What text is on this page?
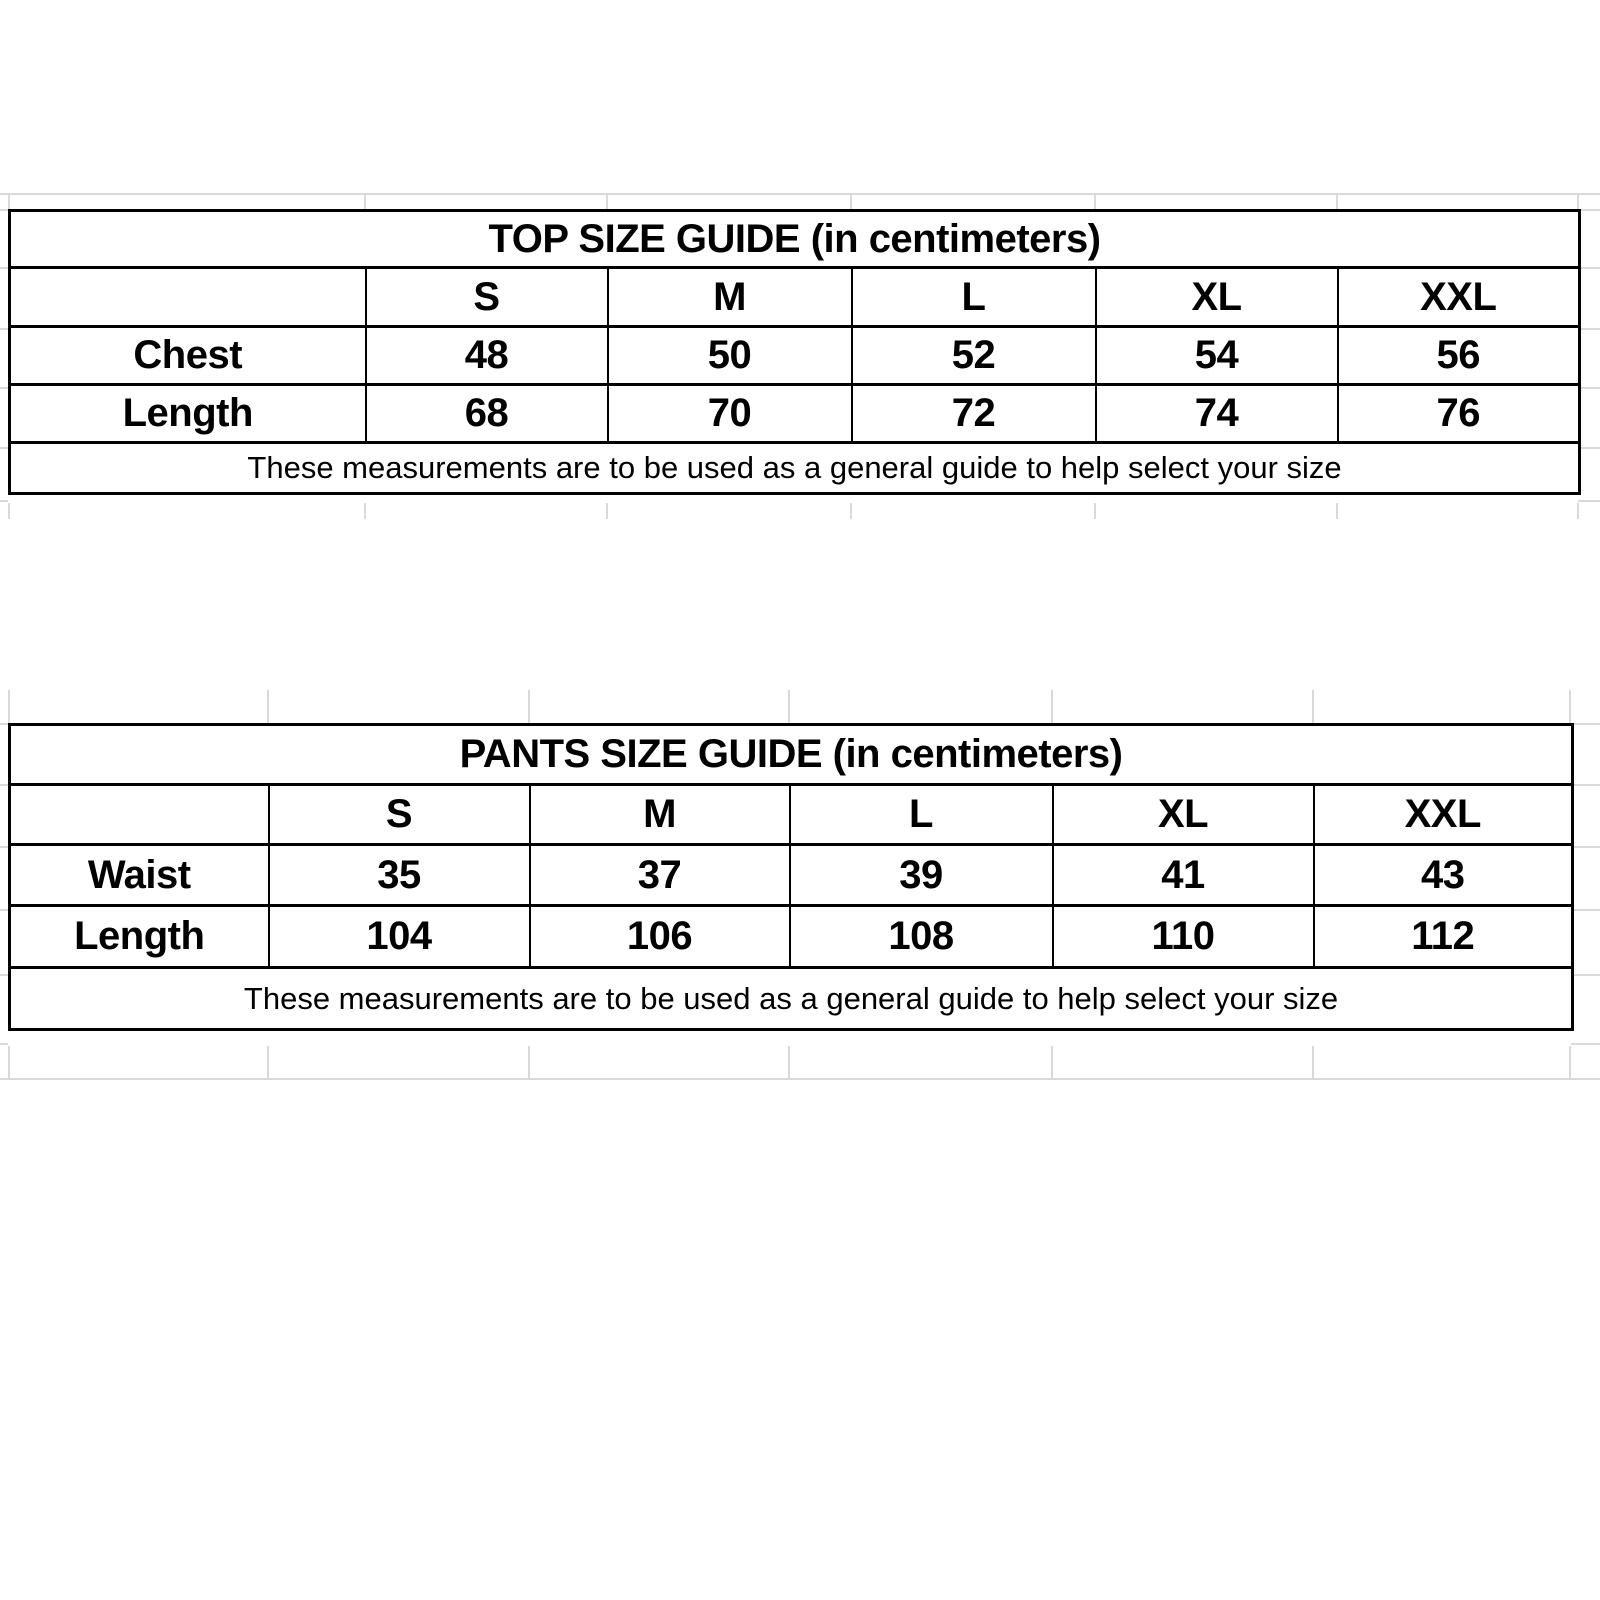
TOP SIZE GUIDE (in centimeters)					
	S	M	L	XL	XXL
Chest	48	50	52	54	56
Length	68	70	72	74	76
These measurements are to be used as a general guide to help select your size					
PANTS SIZE GUIDE (in centimeters)					
	S	M	L	XL	XXL
Waist	35	37	39	41	43
Length	104	106	108	110	112
These measurements are to be used as a general guide to help select your size					
